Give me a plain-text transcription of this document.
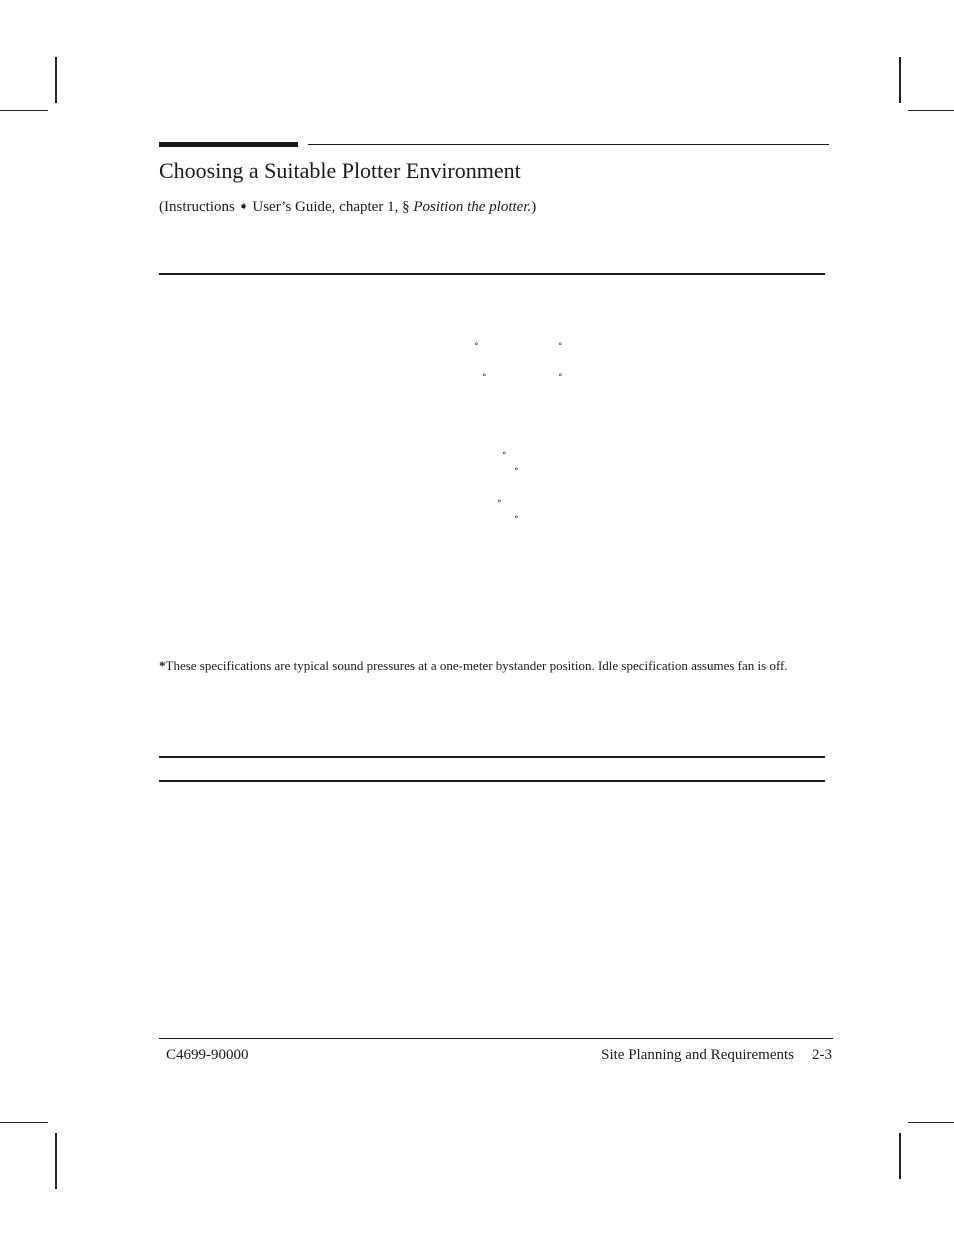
Choosing a Suitable Plotter Environment
(Instructions ➧ User’s Guide, chapter 1, § Position the plotter.)
°	°
°	°
°
°
°
°
*These specifications are typical sound pressures at a one-meter bystander position. Idle specification assumes fan is off.
C4699-90000	Site Planning and Requirements 2-3
